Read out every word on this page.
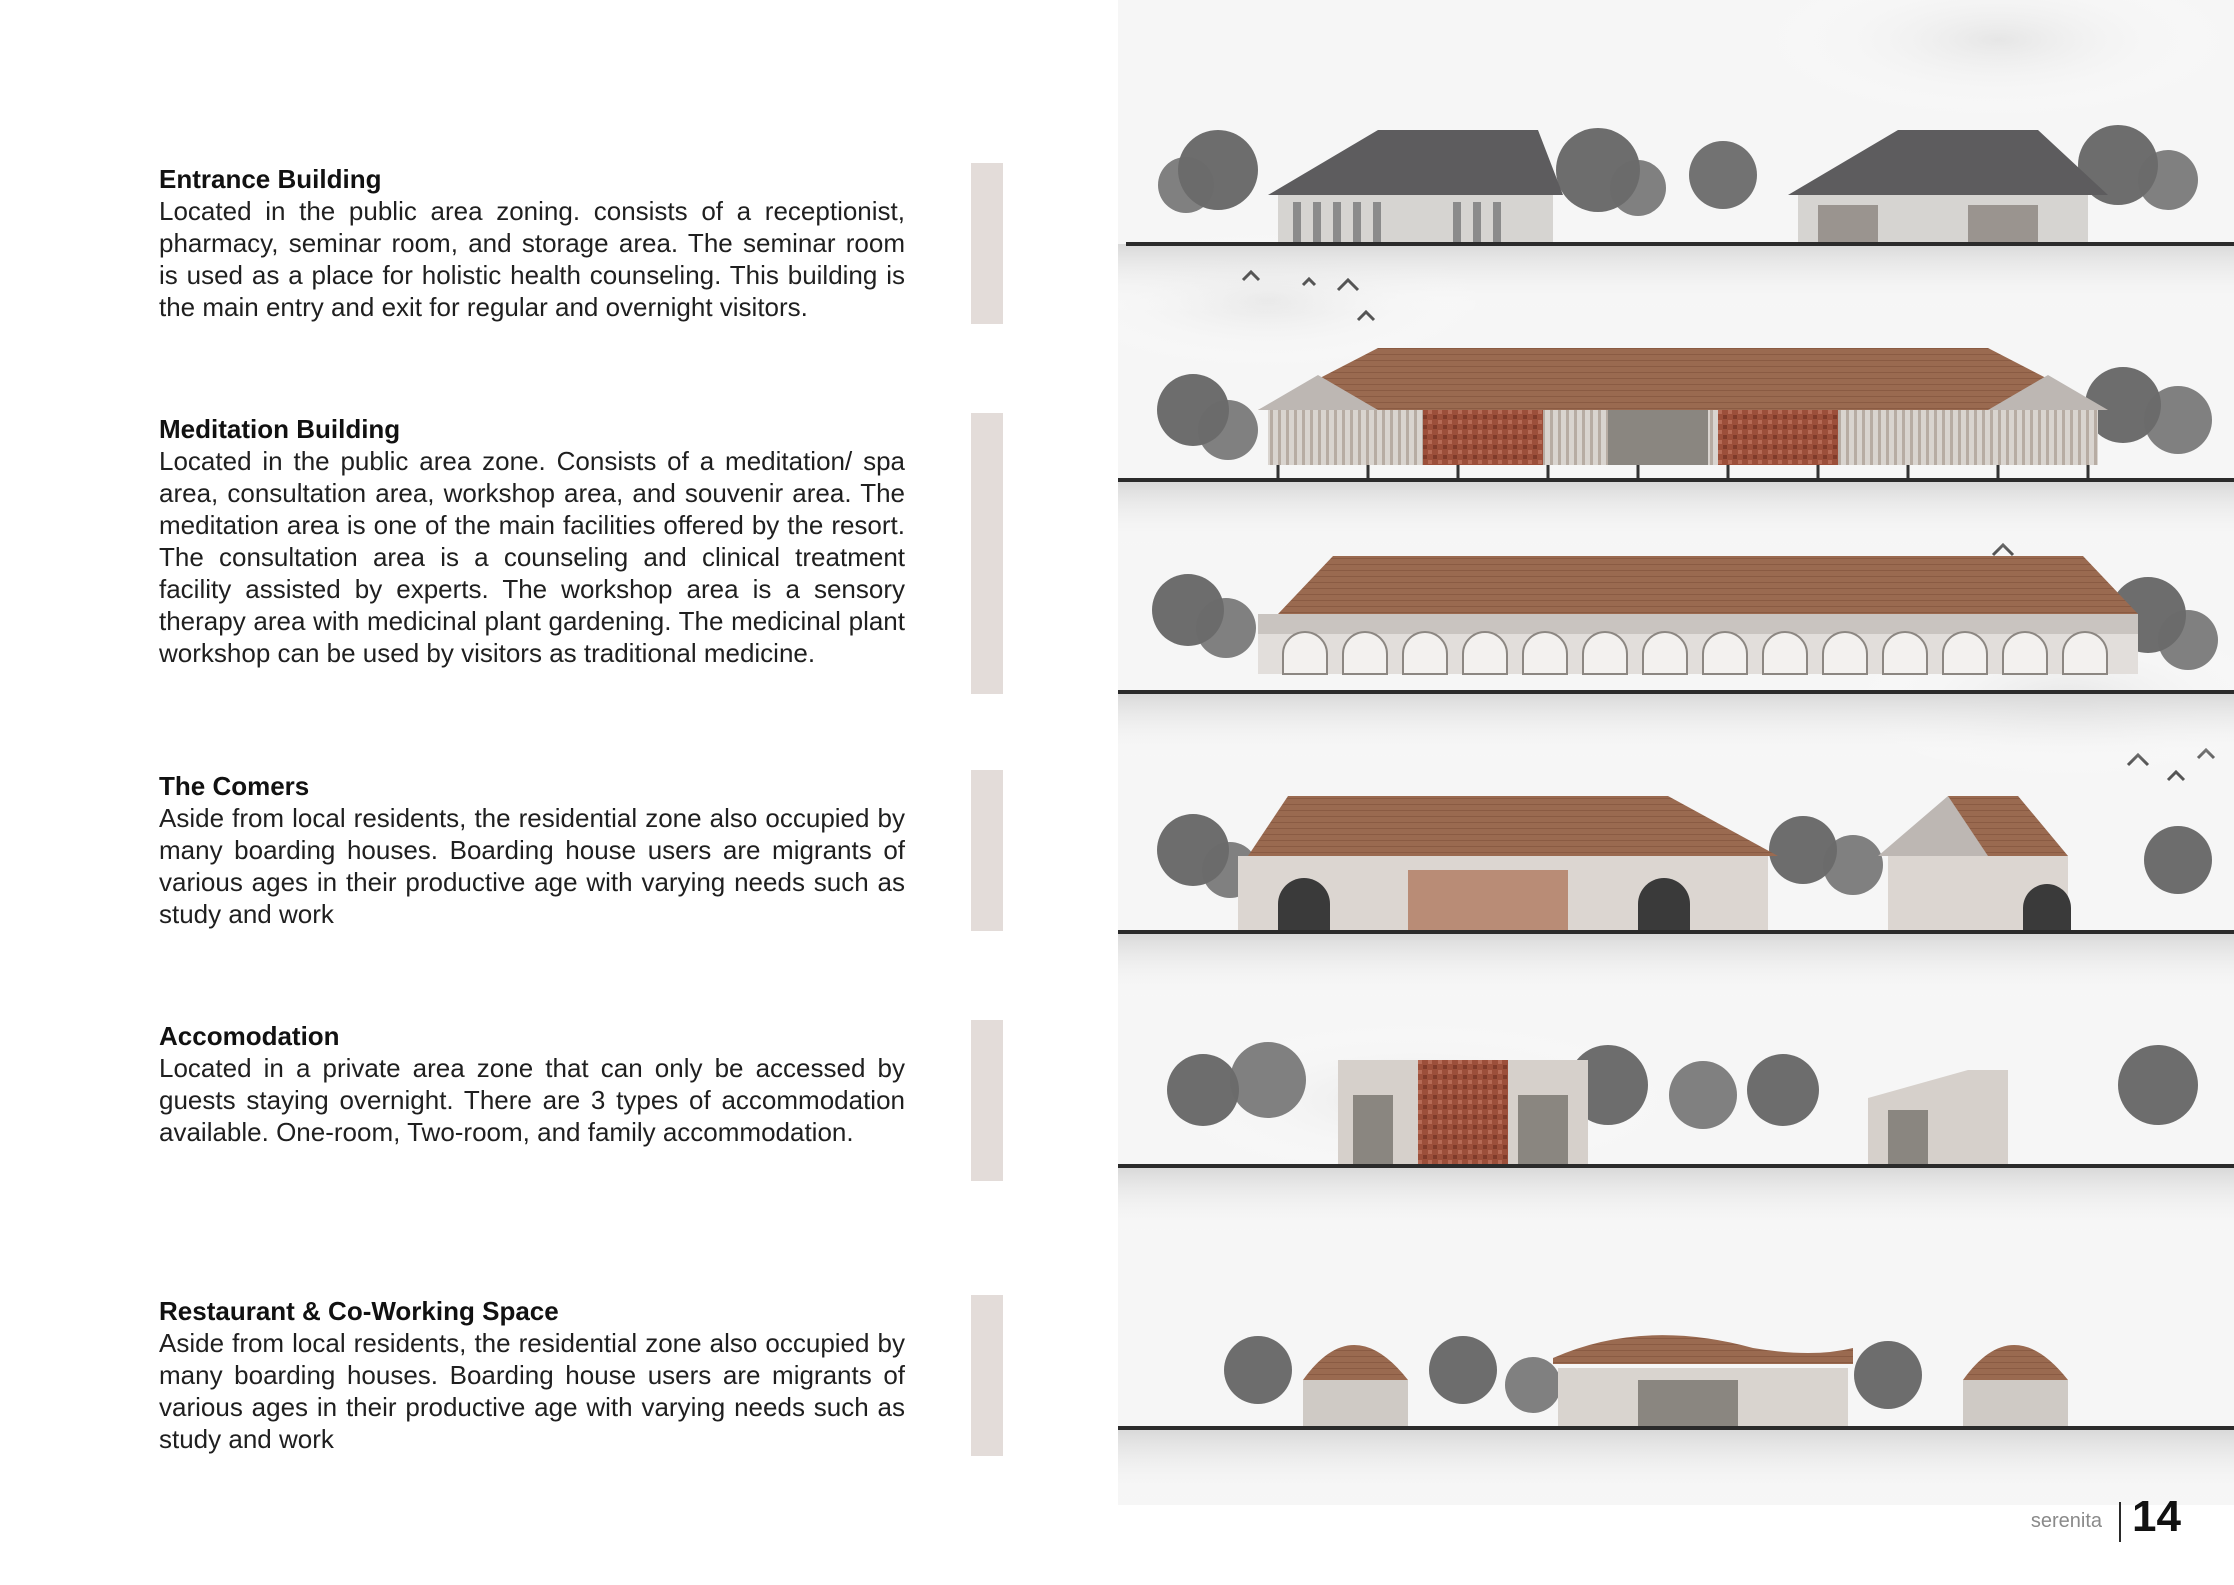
Entrance Building

Located in the public area zoning. consists of a receptionist, pharmacy, seminar room, and storage area. The seminar room is used as a place for holistic health counseling. This building is the main entry and exit for regular and overnight visitors.

Meditation Building

Located in the public area zone. Consists of a meditation/ spa area, consultation area, workshop area, and souvenir area. The meditation area is one of the main facilities offered by the resort. The consultation area is a counseling and clinical treatment facility assisted by experts. The workshop area is a sensory therapy area with medicinal plant gardening. The medicinal plant workshop can be used by visitors as traditional medicine.

The Comers

Aside from local residents, the residential zone also occupied by many boarding houses. Boarding house users are migrants of various ages in their productive age with varying needs such as study and work

Accomodation

Located in a private area zone that can only be accessed by guests staying overnight. There are 3 types of accommodation available. One-room, Two-room, and family accommodation.

Restaurant & Co-Working Space

Aside from local residents, the residential zone also occupied by many boarding houses. Boarding house users are migrants of various ages in their productive age with varying needs such as study and work

serenita 14
